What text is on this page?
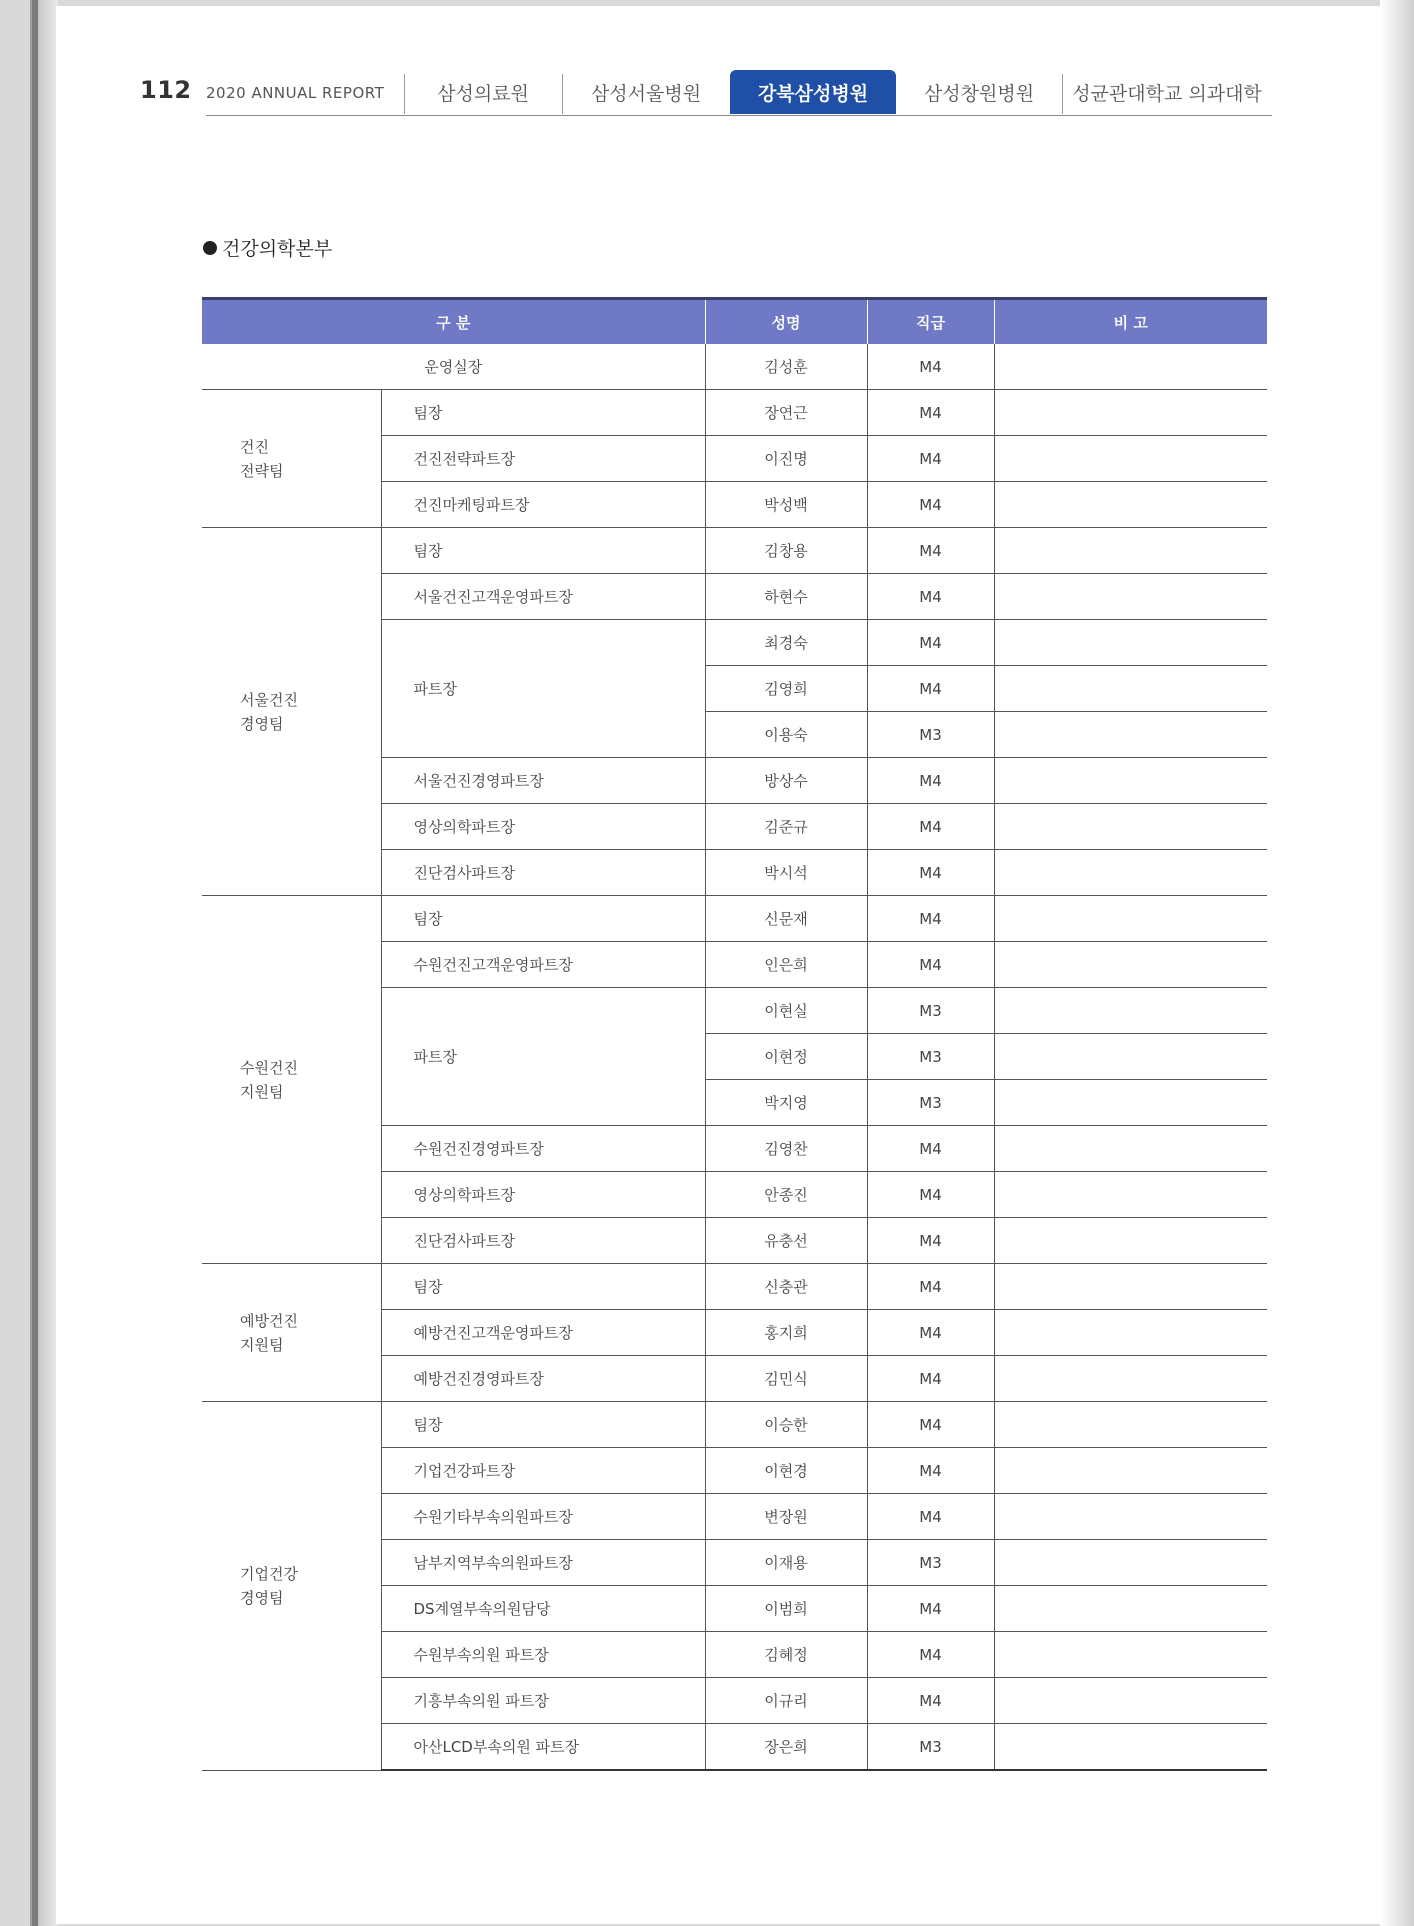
112 2020 ANNUAL REPORT	삼성의료원	삼성서울병원	강북삼성병원	삼성창원병원 성균관대학교 의과대학
건강의학본부
구 분		성명	직급	비 고
운영실장		김성훈	M4	

건진
전략팀	팀장	장연근	M4	
	건진전략파트장	이진명	M4	
	건진마케팅파트장	박성백	M4	

서울건진
경영팀	팀장	김창용	M4	
	서울건진고객운영파트장	하현수	M4	
	파트장	최경숙	M4	
		김영희	M4	
		이용숙	M3	
	서울건진경영파트장	방상수	M4	
	영상의학파트장	김준규	M4	
	진단검사파트장	박시석	M4	

수원건진
지원팀	팀장	신문재	M4	
	수원건진고객운영파트장	인은희	M4	
	파트장	이현실	M3	
		이현정	M3	
		박지영	M3	
	수원건진경영파트장	김영찬	M4	
	영상의학파트장	안종진	M4	
	진단검사파트장	유충선	M4	

예방건진
지원팀	팀장	신충관	M4	
	예방건진고객운영파트장	홍지희	M4	
	예방건진경영파트장	김민식	M4	

기업건강
경영팀	팀장	이승한	M4	
	기업건강파트장	이현경	M4	
	수원기타부속의원파트장	변장원	M4	
	남부지역부속의원파트장	이재용	M3	
	DS계열부속의원담당	이범희	M4	
	수원부속의원 파트장	김혜정	M4	
	기흥부속의원 파트장	이규리	M4	
	아산LCD부속의원 파트장	장은희	M3	
